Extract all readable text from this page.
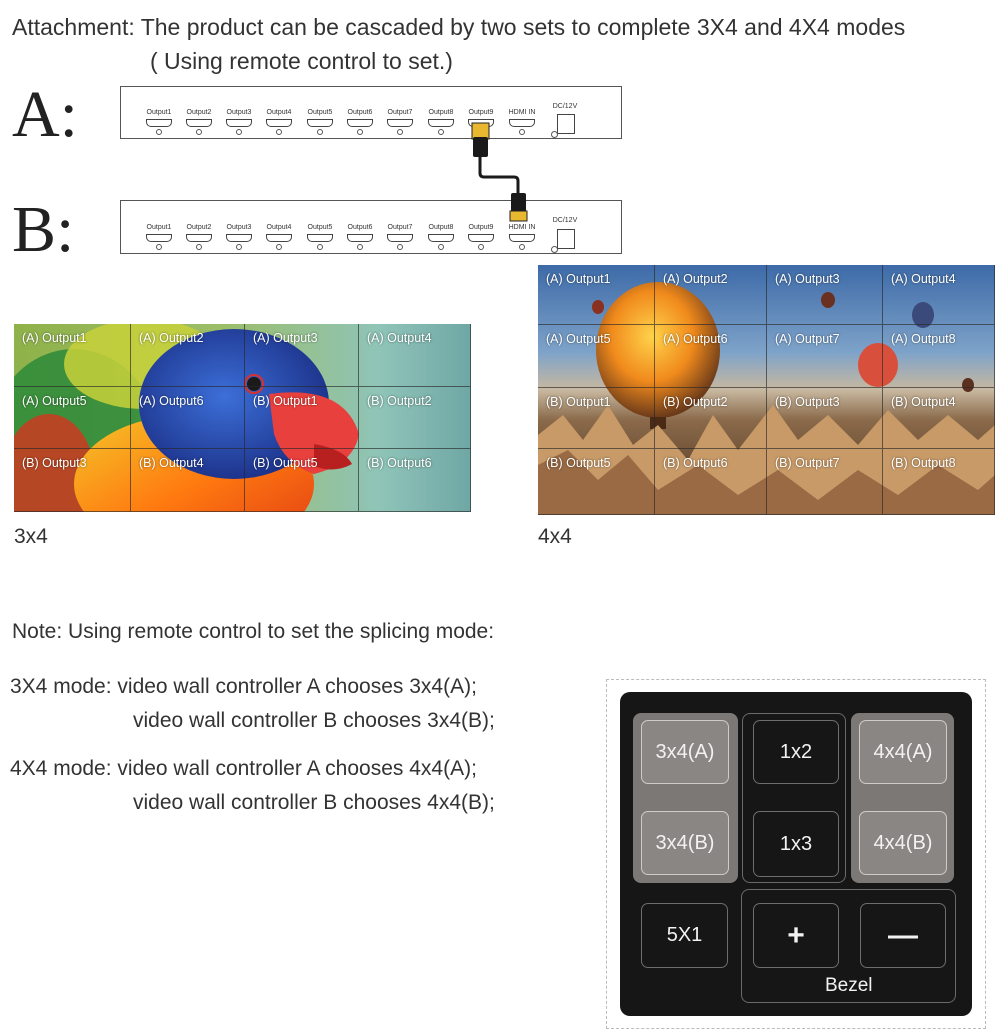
Attachment: The product can be cascaded by two sets to complete 3X4 and 4X4 modes
( Using remote control to set.)
A:
B:
Output1	Output2	Output3	Output4	Output5	Output6	Output7	Output8	Output9	HDMI IN
DC/12V
Output1	Output2	Output3	Output4	Output5	Output6	Output7	Output8	Output9	HDMI IN
DC/12V
(A) Output1	(A) Output2	(A) Output3	(A) Output4
(A) Output5	(A) Output6	(B) Output1	(B) Output2
(B) Output3	(B) Output4	(B) Output5	(B) Output6
3x4
(A) Output1	(A) Output2	(A) Output3	(A) Output4
(A) Output5	(A) Output6	(A) Output7	(A) Output8
(B) Output1	(B) Output2	(B) Output3	(B) Output4
(B) Output5	(B) Output6	(B) Output7	(B) Output8
4x4
Note: Using remote control to set the splicing mode:
3X4 mode: video wall controller A chooses 3x4(A);
video wall controller B chooses 3x4(B);
4X4 mode: video wall controller A chooses 4x4(A);
video wall controller B chooses 4x4(B);
3x4(A)
3x4(B)
1x2
1x3
4x4(A)
4x4(B)
5X1	+	—
Bezel
